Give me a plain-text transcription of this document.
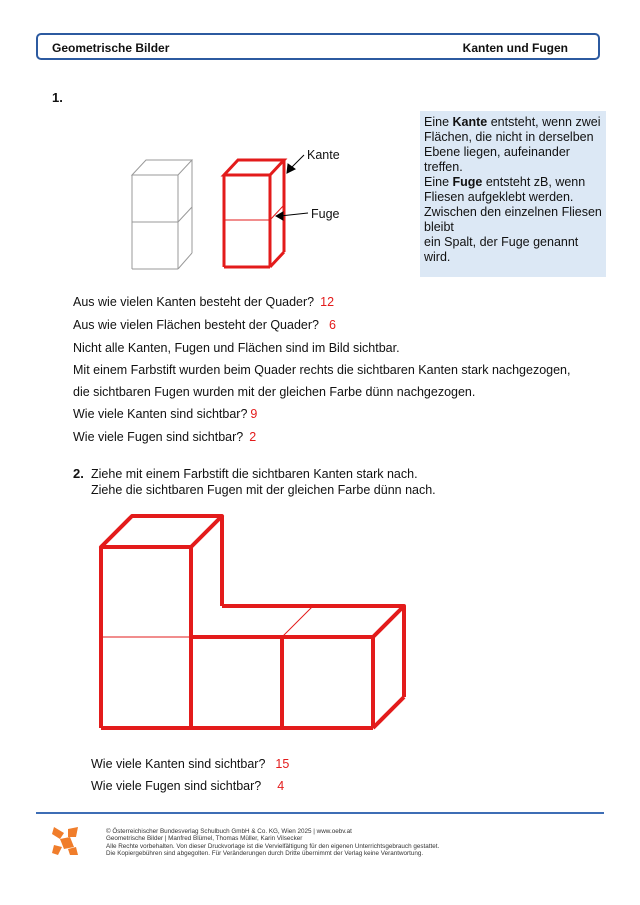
Geometrische Bilder	Kanten und Fugen
1.
Kante
Fuge

Eine Kante entsteht, wenn zwei Flächen, die nicht in derselben Ebene liegen, aufeinander treffen.

Eine Fuge entsteht zB, wenn Fliesen aufgeklebt werden. Zwischen den einzelnen Fliesen bleibt

ein Spalt, der Fuge genannt wird.

Aus wie vielen Kanten besteht der Quader? 12
Aus wie vielen Flächen besteht der Quader? 6
Nicht alle Kanten, Fugen und Flächen sind im Bild sichtbar.
Mit einem Farbstift wurden beim Quader rechts die sichtbaren Kanten stark nachgezogen,
die sichtbaren Fugen wurden mit der gleichen Farbe dünn nachgezogen.
Wie viele Kanten sind sichtbar? 9
Wie viele Fugen sind sichtbar? 2
2. Ziehe mit einem Farbstift die sichtbaren Kanten stark nach.
Ziehe die sichtbaren Fugen mit der gleichen Farbe dünn nach.
Wie viele Kanten sind sichtbar? 15
Wie viele Fugen sind sichtbar? 4
© Österreichischer Bundesverlag Schulbuch GmbH & Co. KG, Wien 2025 | www.oebv.at
Geometrische Bilder | Manfred Blümel, Thomas Müller, Karin Vilsecker
Alle Rechte vorbehalten. Von dieser Druckvorlage ist die Vervielfältigung für den eigenen Unterrichtsgebrauch gestattet.
Die Kopiergebühren sind abgegolten. Für Veränderungen durch Dritte übernimmt der Verlag keine Verantwortung.
